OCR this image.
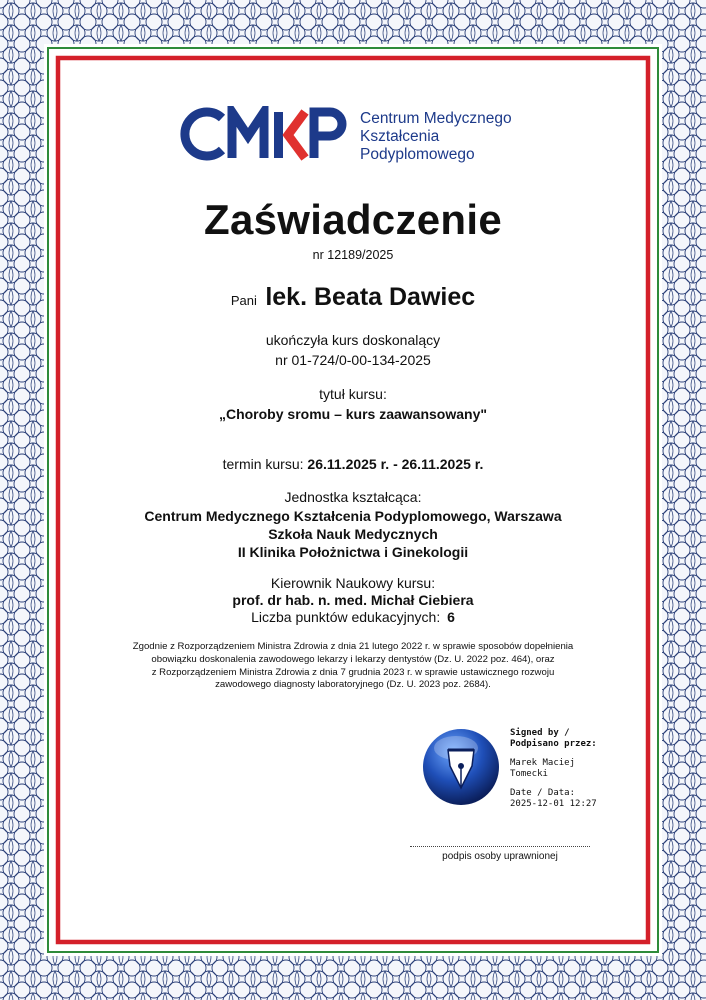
Centrum Medycznego
Kształcenia
Podyplomowego
Zaświadczenie
nr 12189/2025
Pani lek. Beata Dawiec
ukończyła kurs doskonalący
nr 01-724/0-00-134-2025
tytuł kursu:
„Choroby sromu – kurs zaawansowany"
termin kursu: 26.11.2025 r. - 26.11.2025 r.
Jednostka kształcąca:
Centrum Medycznego Kształcenia Podyplomowego, Warszawa
Szkoła Nauk Medycznych
II Klinika Położnictwa i Ginekologii
Kierownik Naukowy kursu:
prof. dr hab. n. med. Michał Ciebiera
Liczba punktów edukacyjnych: 6
Zgodnie z Rozporządzeniem Ministra Zdrowia z dnia 21 lutego 2022 r. w sprawie sposobów dopełnienia
obowiązku doskonalenia zawodowego lekarzy i lekarzy dentystów (Dz. U. 2022 poz. 464), oraz
z Rozporządzeniem Ministra Zdrowia z dnia 7 grudnia 2023 r. w sprawie ustawicznego rozwoju
zawodowego diagnosty laboratoryjnego (Dz. U. 2023 poz. 2684).
Signed by /
Podpisano przez:
Marek Maciej
Tomecki
Date / Data:
2025-12-01 12:27
podpis osoby uprawnionej
